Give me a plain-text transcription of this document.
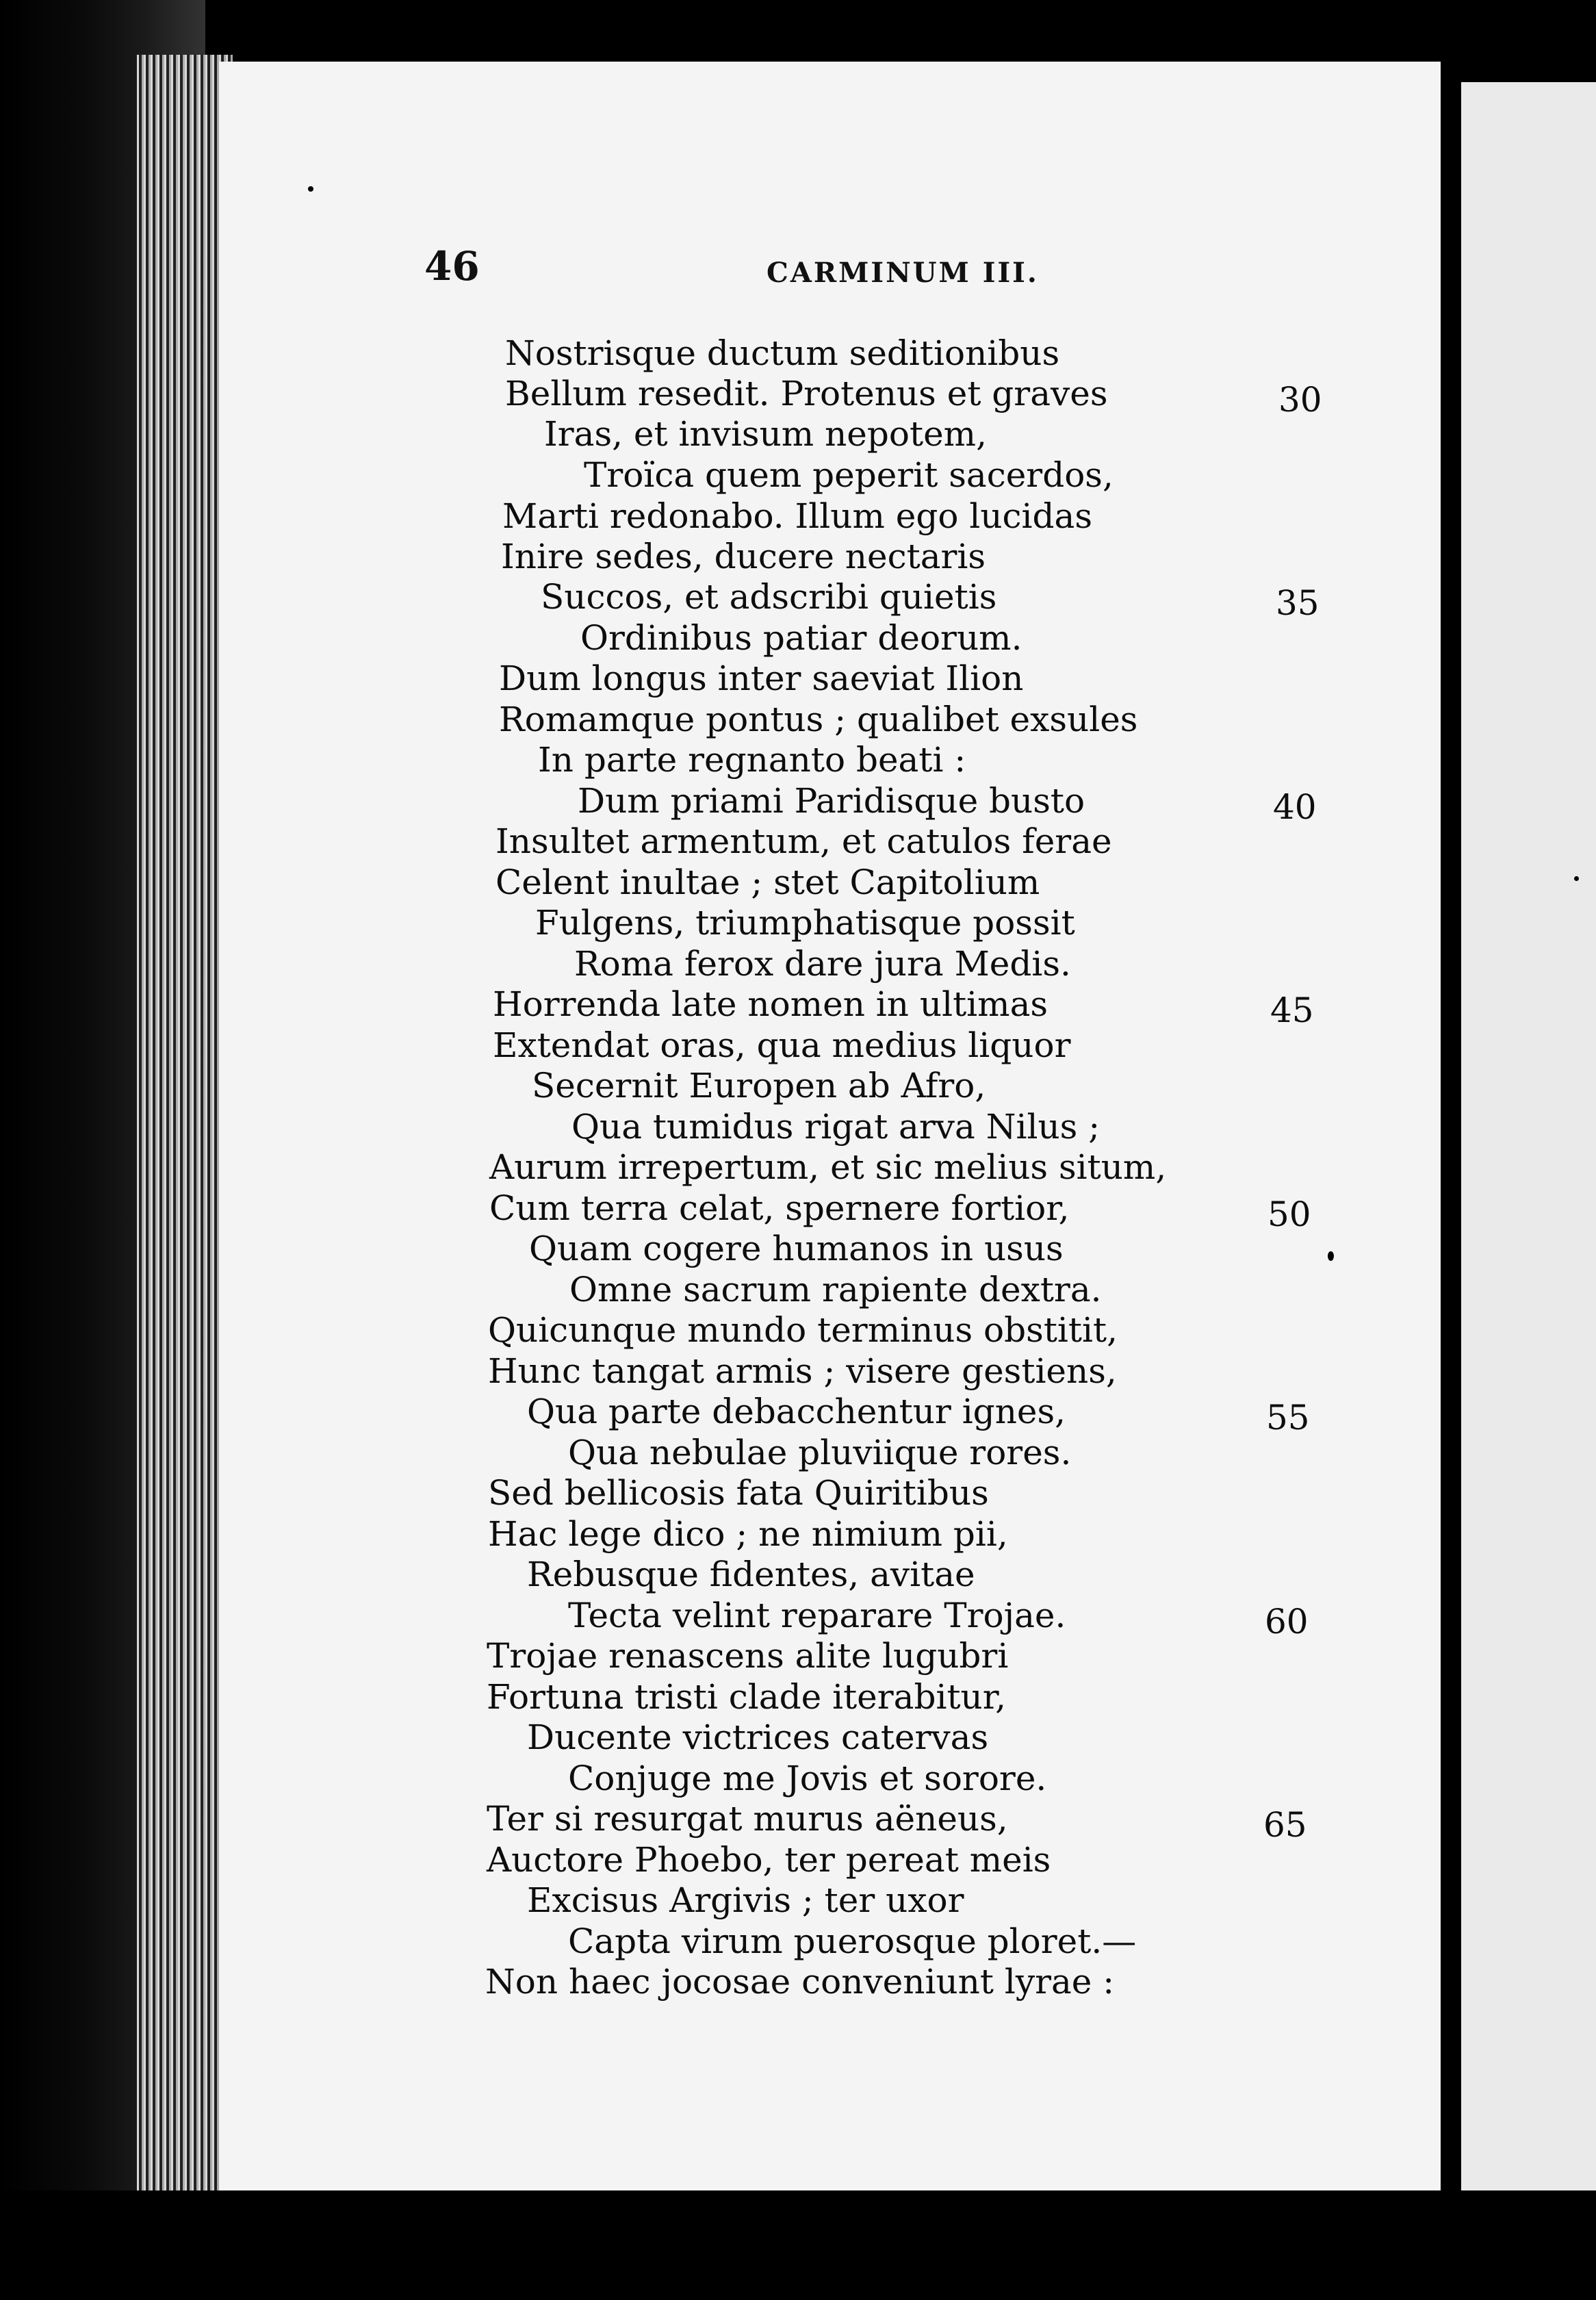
46	CARMINUM III.
Nostrisque ductum seditionibus
Bellum resedit. Protenus et graves
Iras, et invisum nepotem,
Troïca quem peperit sacerdos,
Marti redonabo. Illum ego lucidas
Inire sedes, ducere nectaris
Succos, et adscribi quietis
Ordinibus patiar deorum.
Dum longus inter saeviat Ilion
Romamque pontus ; qualibet exsules
In parte regnanto beati :
Dum priami Paridisque busto
Insultet armentum, et catulos ferae
Celent inultae ; stet Capitolium
Fulgens, triumphatisque possit
Roma ferox dare jura Medis.
Horrenda late nomen in ultimas
Extendat oras, qua medius liquor
Secernit Europen ab Afro,
Qua tumidus rigat arva Nilus ;
Aurum irrepertum, et sic melius situm,
Cum terra celat, spernere fortior,
Quam cogere humanos in usus
Omne sacrum rapiente dextra.
Quicunque mundo terminus obstitit,
Hunc tangat armis ; visere gestiens,
Qua parte debacchentur ignes,
Qua nebulae pluviique rores.
Sed bellicosis fata Quiritibus
Hac lege dico ; ne nimium pii,
Rebusque fidentes, avitae
Tecta velint reparare Trojae.
Trojae renascens alite lugubri
Fortuna tristi clade iterabitur,
Ducente victrices catervas
Conjuge me Jovis et sorore.
Ter si resurgat murus aëneus,
Auctore Phoebo, ter pereat meis
Excisus Argivis ; ter uxor
Capta virum puerosque ploret.—
Non haec jocosae conveniunt lyrae :
30
35
40
45
50
55
60
65
